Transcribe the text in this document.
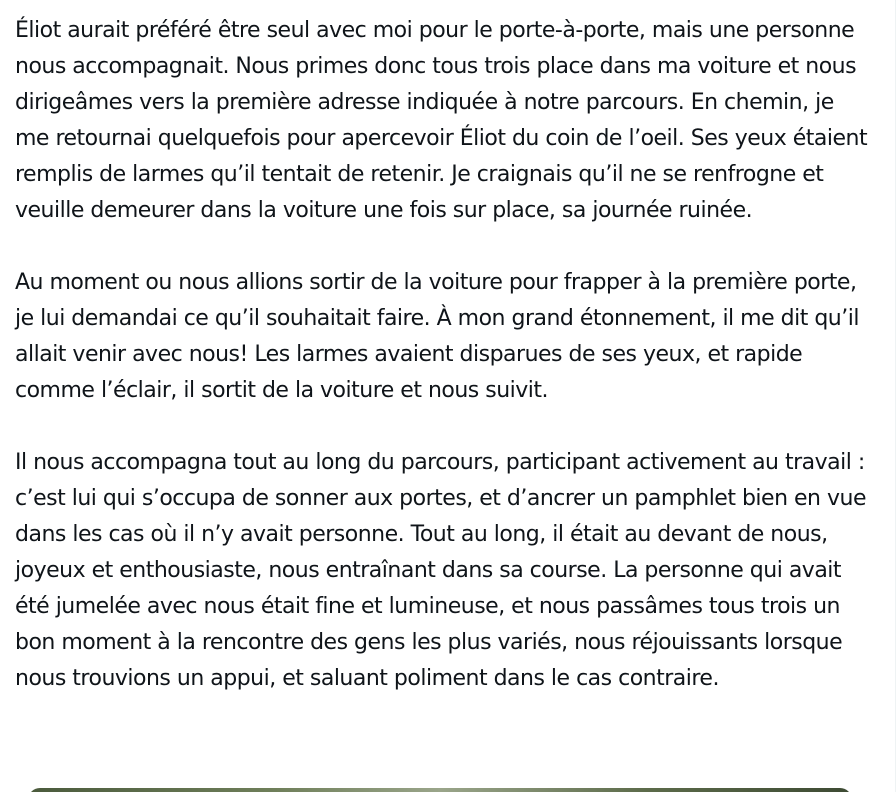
Éliot aurait préféré être seul avec moi pour le porte-à-porte, mais une personne nous accompagnait. Nous primes donc tous trois place dans ma voiture et nous dirigeâmes vers la première adresse indiquée à notre parcours. En chemin, je me retournai quelquefois pour apercevoir Éliot du coin de l’oeil. Ses yeux étaient remplis de larmes qu’il tentait de retenir. Je craignais qu’il ne se renfrogne et veuille demeurer dans la voiture une fois sur place, sa journée ruinée.

Au moment ou nous allions sortir de la voiture pour frapper à la première porte, je lui demandai ce qu’il souhaitait faire. À mon grand étonnement, il me dit qu’il allait venir avec nous! Les larmes avaient disparues de ses yeux, et rapide comme l’éclair, il sortit de la voiture et nous suivit.

Il nous accompagna tout au long du parcours, participant activement au travail : c’est lui qui s’occupa de sonner aux portes, et d’ancrer un pamphlet bien en vue dans les cas où il n’y avait personne. Tout au long, il était au devant de nous, joyeux et enthousiaste, nous entraînant dans sa course. La personne qui avait été jumelée avec nous était fine et lumineuse, et nous passâmes tous trois un bon moment à la rencontre des gens les plus variés, nous réjouissants lorsque nous trouvions un appui, et saluant poliment dans le cas contraire.
